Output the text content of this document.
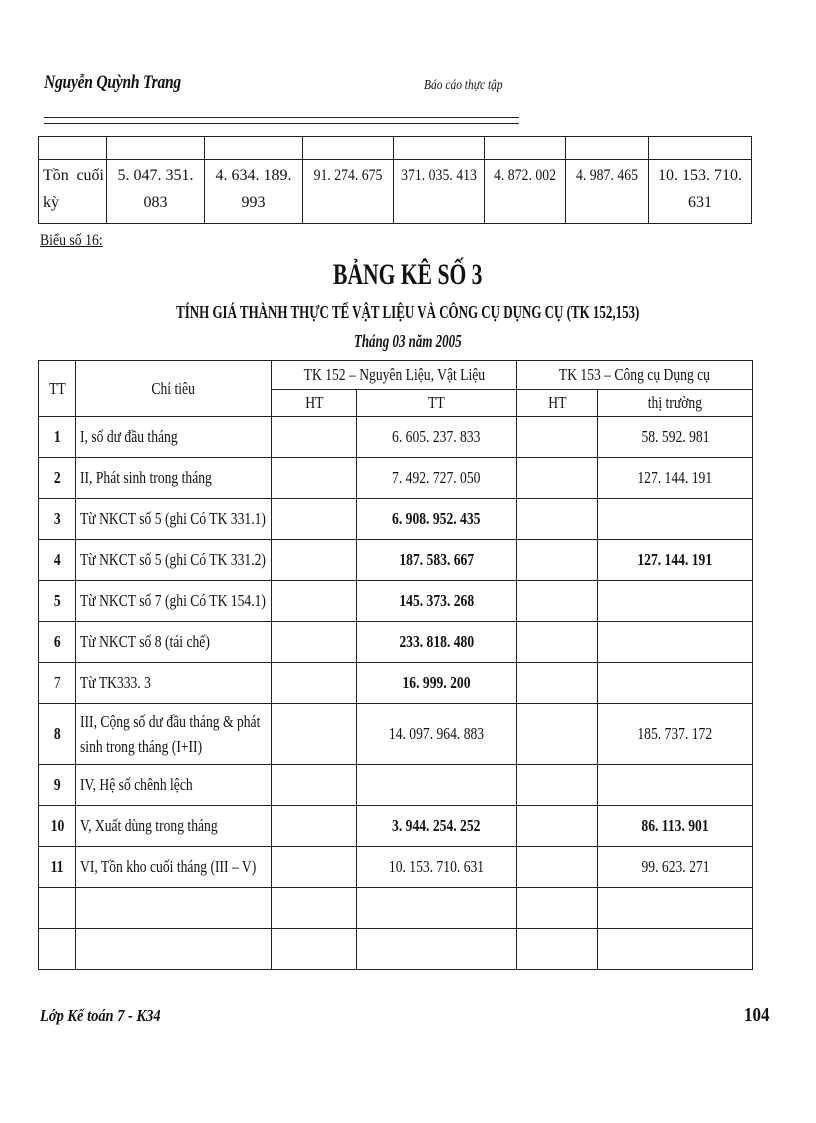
Nguyễn Quỳnh Trang	Báo cáo thực tập

Tồn cuối kỳ	5. 047. 351. 083	4. 634. 189. 993	91. 274. 675	371. 035. 413	4. 872. 002	4. 987. 465	10. 153. 710. 631
Biểu số 16:
BẢNG KÊ SỐ 3
TÍNH GIÁ THÀNH THỰC TẾ VẬT LIỆU VÀ CÔNG CỤ DỤNG CỤ (TK 152,153)
Tháng 03 năm 2005
TT	Chỉ tiêu	TK 152 – Nguyên Liệu, Vật Liệu		TK 153 – Công cụ Dụng cụ	
		HT	TT	HT	thị trường
1	I, số dư đầu tháng		6. 605. 237. 833		58. 592. 981
2	II, Phát sinh trong tháng		7. 492. 727. 050		127. 144. 191
3	Từ NKCT số 5 (ghi Có TK 331.1)		6. 908. 952. 435		
4	Từ NKCT số 5 (ghi Có TK 331.2)		187. 583. 667		127. 144. 191
5	Từ NKCT số 7 (ghi Có TK 154.1)		145. 373. 268		
6	Từ NKCT số 8 (tái chế)		233. 818. 480		
7	Từ TK333. 3		16. 999. 200		
8	III, Cộng số dư đầu tháng & phát sinh trong tháng (I+II)		14. 097. 964. 883		185. 737. 172
9	IV, Hệ số chênh lệch				
10	V, Xuất dùng trong tháng		3. 944. 254. 252		86. 113. 901
11	VI, Tồn kho cuối tháng (III – V)		10. 153. 710. 631		99. 623. 271

Lớp Kế toán 7 - K34	104
